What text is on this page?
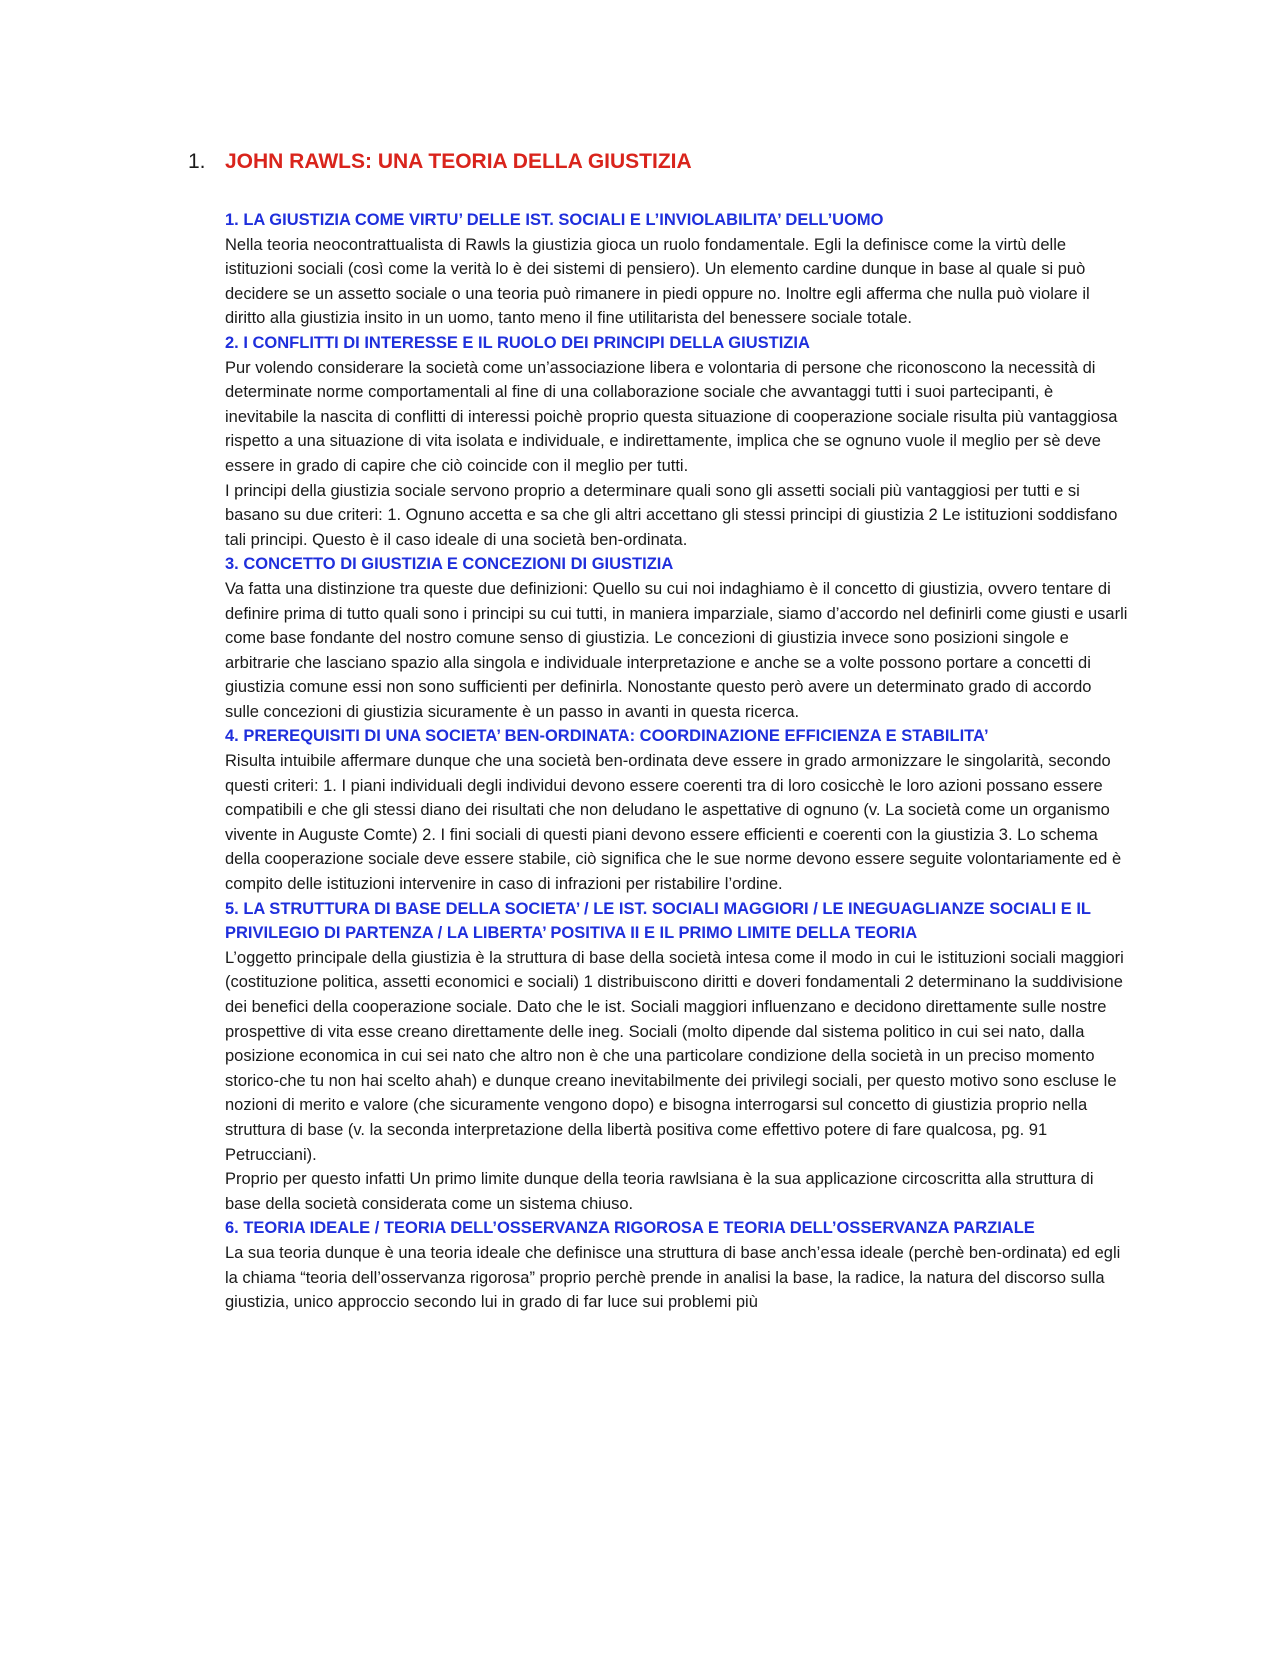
1. JOHN RAWLS: UNA TEORIA DELLA GIUSTIZIA

1. LA GIUSTIZIA COME VIRTU’ DELLE IST. SOCIALI E L’INVIOLABILITA’ DELL’UOMO

Nella teoria neocontrattualista di Rawls la giustizia gioca un ruolo fondamentale. Egli la definisce come la virtù delle istituzioni sociali (così come la verità lo è dei sistemi di pensiero). Un elemento cardine dunque in base al quale si può decidere se un assetto sociale o una teoria può rimanere in piedi oppure no. Inoltre egli afferma che nulla può violare il diritto alla giustizia insito in un uomo, tanto meno il fine utilitarista del benessere sociale totale.

2. I CONFLITTI DI INTERESSE E IL RUOLO DEI PRINCIPI DELLA GIUSTIZIA

Pur volendo considerare la società come un’associazione libera e volontaria di persone che riconoscono la necessità di determinate norme comportamentali al fine di una collaborazione sociale che avvantaggi tutti i suoi partecipanti, è inevitabile la nascita di conflitti di interessi poichè proprio questa situazione di cooperazione sociale risulta più vantaggiosa rispetto a una situazione di vita isolata e individuale, e indirettamente, implica che se ognuno vuole il meglio per sè deve essere in grado di capire che ciò coincide con il meglio per tutti.

I principi della giustizia sociale servono proprio a determinare quali sono gli assetti sociali più vantaggiosi per tutti e si basano su due criteri: 1. Ognuno accetta e sa che gli altri accettano gli stessi principi di giustizia 2 Le istituzioni soddisfano tali principi. Questo è il caso ideale di una società ben-ordinata.

3. CONCETTO DI GIUSTIZIA E CONCEZIONI DI GIUSTIZIA

Va fatta una distinzione tra queste due definizioni: Quello su cui noi indaghiamo è il concetto di giustizia, ovvero tentare di definire prima di tutto quali sono i principi su cui tutti, in maniera imparziale, siamo d’accordo nel definirli come giusti e usarli come base fondante del nostro comune senso di giustizia. Le concezioni di giustizia invece sono posizioni singole e arbitrarie che lasciano spazio alla singola e individuale interpretazione e anche se a volte possono portare a concetti di giustizia comune essi non sono sufficienti per definirla. Nonostante questo però avere un determinato grado di accordo sulle concezioni di giustizia sicuramente è un passo in avanti in questa ricerca.

4. PREREQUISITI DI UNA SOCIETA’ BEN-ORDINATA: COORDINAZIONE EFFICIENZA E STABILITA’

Risulta intuibile affermare dunque che una società ben-ordinata deve essere in grado armonizzare le singolarità, secondo questi criteri: 1. I piani individuali degli individui devono essere coerenti tra di loro cosicchè le loro azioni possano essere compatibili e che gli stessi diano dei risultati che non deludano le aspettative di ognuno (v. La società come un organismo vivente in Auguste Comte) 2. I fini sociali di questi piani devono essere efficienti e coerenti con la giustizia 3. Lo schema della cooperazione sociale deve essere stabile, ciò significa che le sue norme devono essere seguite volontariamente ed è compito delle istituzioni intervenire in caso di infrazioni per ristabilire l’ordine.

5. LA STRUTTURA DI BASE DELLA SOCIETA’ / LE IST. SOCIALI MAGGIORI / LE INEGUAGLIANZE SOCIALI E IL PRIVILEGIO DI PARTENZA / LA LIBERTA’ POSITIVA II E IL PRIMO LIMITE DELLA TEORIA

L’oggetto principale della giustizia è la struttura di base della società intesa come il modo in cui le istituzioni sociali maggiori (costituzione politica, assetti economici e sociali) 1 distribuiscono diritti e doveri fondamentali 2 determinano la suddivisione dei benefici della cooperazione sociale. Dato che le ist. Sociali maggiori influenzano e decidono direttamente sulle nostre prospettive di vita esse creano direttamente delle ineg. Sociali (molto dipende dal sistema politico in cui sei nato, dalla posizione economica in cui sei nato che altro non è che una particolare condizione della società in un preciso momento storico-che tu non hai scelto ahah) e dunque creano inevitabilmente dei privilegi sociali, per questo motivo sono escluse le nozioni di merito e valore (che sicuramente vengono dopo) e bisogna interrogarsi sul concetto di giustizia proprio nella struttura di base (v. la seconda interpretazione della libertà positiva come effettivo potere di fare qualcosa, pg. 91 Petrucciani).

Proprio per questo infatti Un primo limite dunque della teoria rawlsiana è la sua applicazione circoscritta alla struttura di base della società considerata come un sistema chiuso.

6. TEORIA IDEALE / TEORIA DELL’OSSERVANZA RIGOROSA E TEORIA DELL’OSSERVANZA PARZIALE

La sua teoria dunque è una teoria ideale che definisce una struttura di base anch’essa ideale (perchè ben-ordinata) ed egli la chiama “teoria dell’osservanza rigorosa” proprio perchè prende in analisi la base, la radice, la natura del discorso sulla giustizia, unico approccio secondo lui in grado di far luce sui problemi più
